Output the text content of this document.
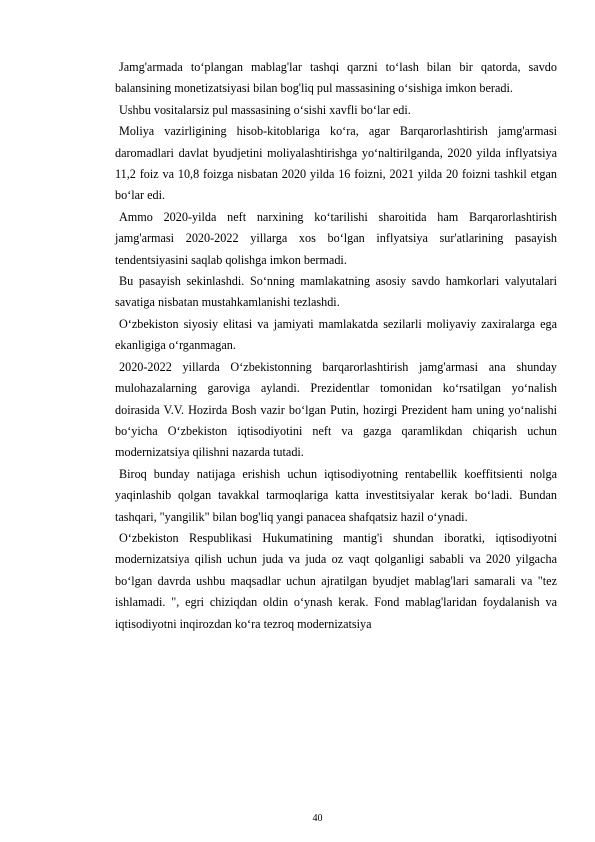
Jamg'armada to‘plangan mablag'lar tashqi qarzni to‘lash bilan bir qatorda, savdo balansining monetizatsiyasi bilan bog'liq pul massasining o‘sishiga imkon beradi.

Ushbu vositalarsiz pul massasining o‘sishi xavfli bo‘lar edi.

Moliya vazirligining hisob-kitoblariga ko‘ra, agar Barqarorlashtirish jamg'armasi daromadlari davlat byudjetini moliyalashtirishga yo‘naltirilganda, 2020 yilda inflyatsiya 11,2 foiz va 10,8 foizga nisbatan 2020 yilda 16 foizni, 2021 yilda 20 foizni tashkil etgan bo‘lar edi.

Ammo 2020-yilda neft narxining ko‘tarilishi sharoitida ham Barqarorlashtirish jamg'armasi 2020-2022 yillarga xos bo‘lgan inflyatsiya sur'atlarining pasayish tendentsiyasini saqlab qolishga imkon bermadi.

Bu pasayish sekinlashdi. So‘nning mamlakatning asosiy savdo hamkorlari valyutalari savatiga nisbatan mustahkamlanishi tezlashdi.

O‘zbekiston siyosiy elitasi va jamiyati mamlakatda sezilarli moliyaviy zaxiralarga ega ekanligiga o‘rganmagan.

2020-2022 yillarda O‘zbekistonning barqarorlashtirish jamg'armasi ana shunday mulohazalarning garoviga aylandi. Prezidentlar tomonidan ko‘rsatilgan yo‘nalish doirasida V.V. Hozirda Bosh vazir bo‘lgan Putin, hozirgi Prezident ham uning yo‘nalishi bo‘yicha O‘zbekiston iqtisodiyotini neft va gazga qaramlikdan chiqarish uchun modernizatsiya qilishni nazarda tutadi.

Biroq bunday natijaga erishish uchun iqtisodiyotning rentabellik koeffitsienti nolga yaqinlashib qolgan tavakkal tarmoqlariga katta investitsiyalar kerak bo‘ladi. Bundan tashqari, "yangilik" bilan bog'liq yangi panacea shafqatsiz hazil o‘ynadi.

O‘zbekiston Respublikasi Hukumatining mantig'i shundan iboratki, iqtisodiyotni modernizatsiya qilish uchun juda va juda oz vaqt qolganligi sababli va 2020 yilgacha bo‘lgan davrda ushbu maqsadlar uchun ajratilgan byudjet mablag'lari samarali va "tez ishlamadi. ", egri chiziqdan oldin o‘ynash kerak. Fond mablag'laridan foydalanish va iqtisodiyotni inqirozdan ko‘ra tezroq modernizatsiya

40
